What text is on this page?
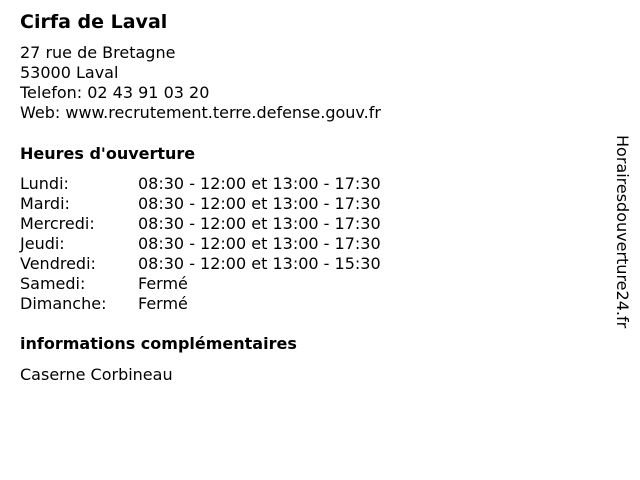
Cirfa de Laval
27 rue de Bretagne
53000 Laval
Telefon: 02 43 91 03 20
Web: www.recrutement.terre.defense.gouv.fr
Heures d'ouverture
Lundi:	08:30 - 12:00 et 13:00 - 17:30
Mardi:	08:30 - 12:00 et 13:00 - 17:30
Mercredi:	08:30 - 12:00 et 13:00 - 17:30
Jeudi:	08:30 - 12:00 et 13:00 - 17:30
Vendredi:	08:30 - 12:00 et 13:00 - 15:30
Samedi:	Fermé
Dimanche: Fermé
informations complémentaires
Caserne Corbineau
Horairesdouverture24.fr
